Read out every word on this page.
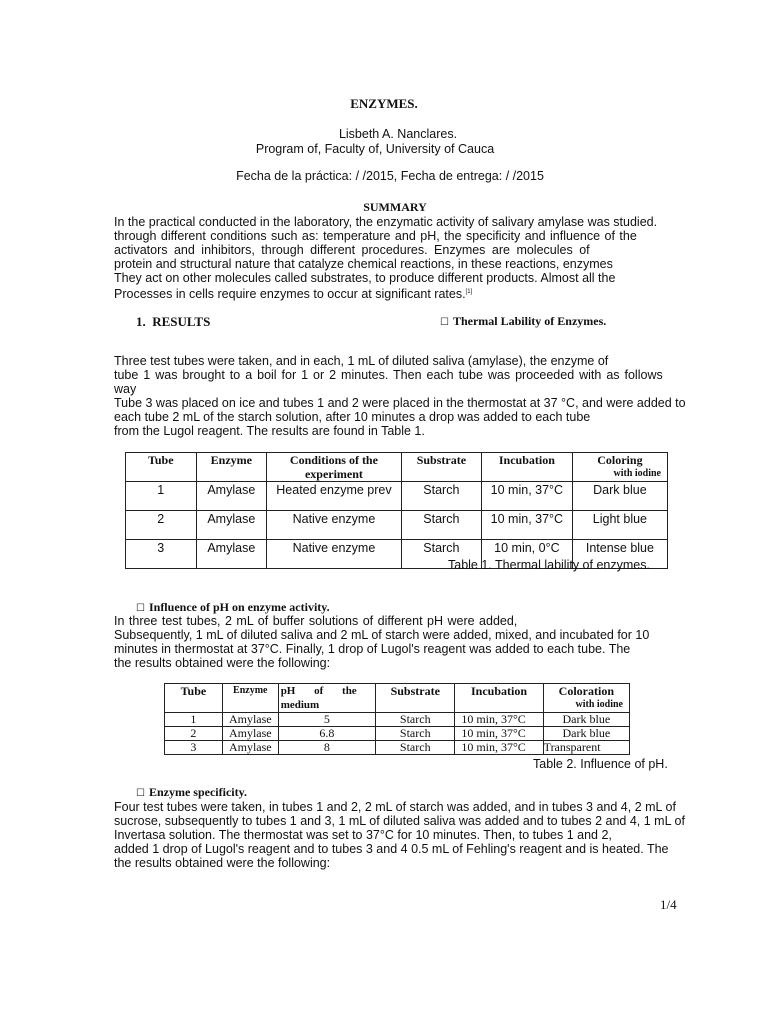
ENZYMES.
Lisbeth A. Nanclares.
Program of, Faculty of, University of Cauca
Fecha de la práctica: / /2015, Fecha de entrega: / /2015
SUMMARY
In the practical conducted in the laboratory, the enzymatic activity of salivary amylase was studied.
through different conditions such as: temperature and pH, the specificity and influence of the
activators and inhibitors, through different procedures. Enzymes are molecules of
protein and structural nature that catalyze chemical reactions, in these reactions, enzymes
They act on other molecules called substrates, to produce different products. Almost all the
Processes in cells require enzymes to occur at significant rates.[1]
1.  RESULTS	☐ Thermal Lability of Enzymes.
Three test tubes were taken, and in each, 1 mL of diluted saliva (amylase), the enzyme of
tube 1 was brought to a boil for 1 or 2 minutes. Then each tube was proceeded with as follows
way
Tube 3 was placed on ice and tubes 1 and 2 were placed in the thermostat at 37 °C, and were added to
each tube 2 mL of the starch solution, after 10 minutes a drop was added to each tube
from the Lugol reagent. The results are found in Table 1.
Tube	Enzyme	Conditions of the experiment	Substrate	Incubation	Coloring
with iodine

1	Amylase	Heated enzyme prev	Starch	10 min, 37°C	Dark blue
2	Amylase	Native enzyme	Starch	10 min, 37°C	Light blue
3	Amylase	Native enzyme	Starch	10 min, 0°C	Intense blue
Table 1. Thermal lability of enzymes.
☐ Influence of pH on enzyme activity.
In three test tubes, 2 mL of buffer solutions of different pH were added,
Subsequently, 1 mL of diluted saliva and 2 mL of starch were added, mixed, and incubated for 10
minutes in thermostat at 37°C. Finally, 1 drop of Lugol's reagent was added to each tube. The
the results obtained were the following:
Tube	Enzyme	pH of the medium	Substrate	Incubation	Coloration
with iodine

1	Amylase	5	Starch	10 min, 37°C	Dark blue
2	Amylase	6.8	Starch	10 min, 37°C	Dark blue
3	Amylase	8	Starch	10 min, 37°C	Transparent
Table 2. Influence of pH.
☐ Enzyme specificity.
Four test tubes were taken, in tubes 1 and 2, 2 mL of starch was added, and in tubes 3 and 4, 2 mL of
sucrose, subsequently to tubes 1 and 3, 1 mL of diluted saliva was added and to tubes 2 and 4, 1 mL of
Invertasa solution. The thermostat was set to 37°C for 10 minutes. Then, to tubes 1 and 2,
added 1 drop of Lugol's reagent and to tubes 3 and 4 0.5 mL of Fehling's reagent and is heated. The
the results obtained were the following:
1/4
